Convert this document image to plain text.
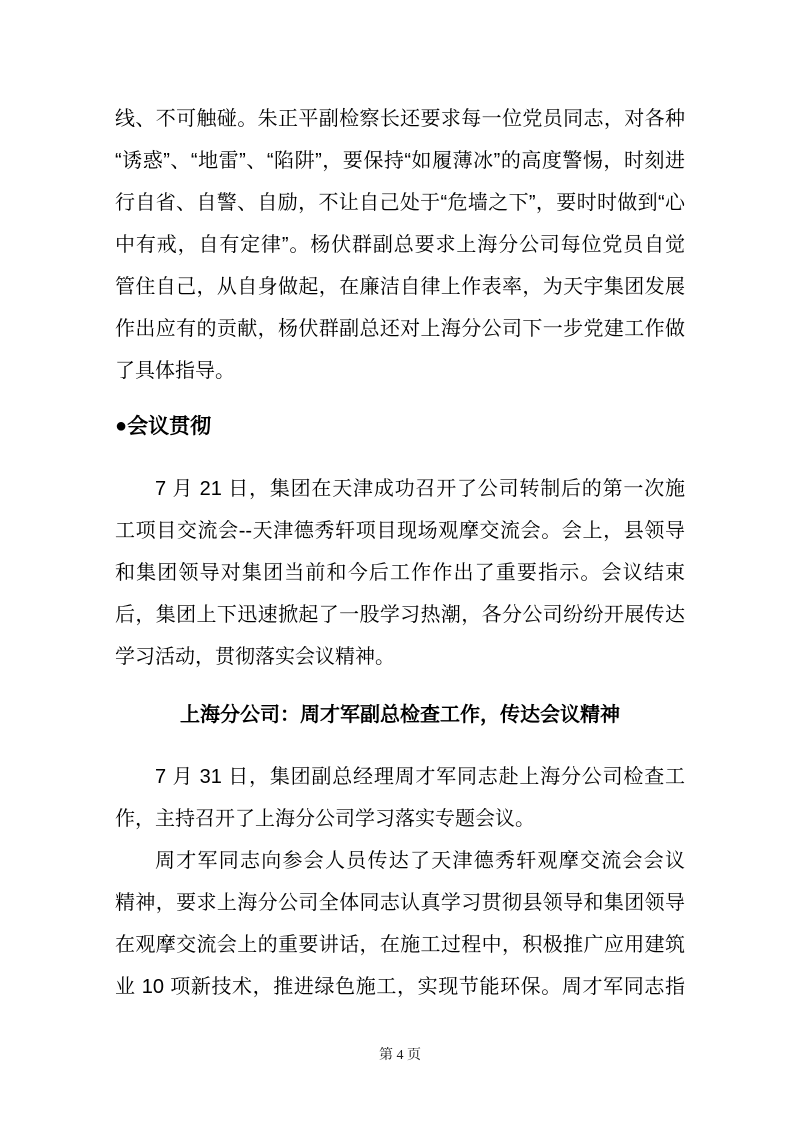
线、不可触碰。朱正平副检察长还要求每一位党员同志，对各种
“诱惑”、“地雷”、“陷阱”，要保持“如履薄冰”的高度警惕，时刻进
行自省、自警、自励，不让自己处于“危墙之下”，要时时做到“心
中有戒，自有定律”。杨伏群副总要求上海分公司每位党员自觉
管住自己，从自身做起，在廉洁自律上作表率，为天宇集团发展
作出应有的贡献，杨伏群副总还对上海分公司下一步党建工作做
了具体指导。
●会议贯彻
7 月 21 日，集团在天津成功召开了公司转制后的第一次施
工项目交流会--天津德秀轩项目现场观摩交流会。会上，县领导
和集团领导对集团当前和今后工作作出了重要指示。会议结束
后，集团上下迅速掀起了一股学习热潮，各分公司纷纷开展传达
学习活动，贯彻落实会议精神。
上海分公司：周才军副总检查工作，传达会议精神
7 月 31 日，集团副总经理周才军同志赴上海分公司检查工
作，主持召开了上海分公司学习落实专题会议。
周才军同志向参会人员传达了天津德秀轩观摩交流会会议
精神，要求上海分公司全体同志认真学习贯彻县领导和集团领导
在观摩交流会上的重要讲话，在施工过程中，积极推广应用建筑
业 10 项新技术，推进绿色施工，实现节能环保。周才军同志指
第 4 页
